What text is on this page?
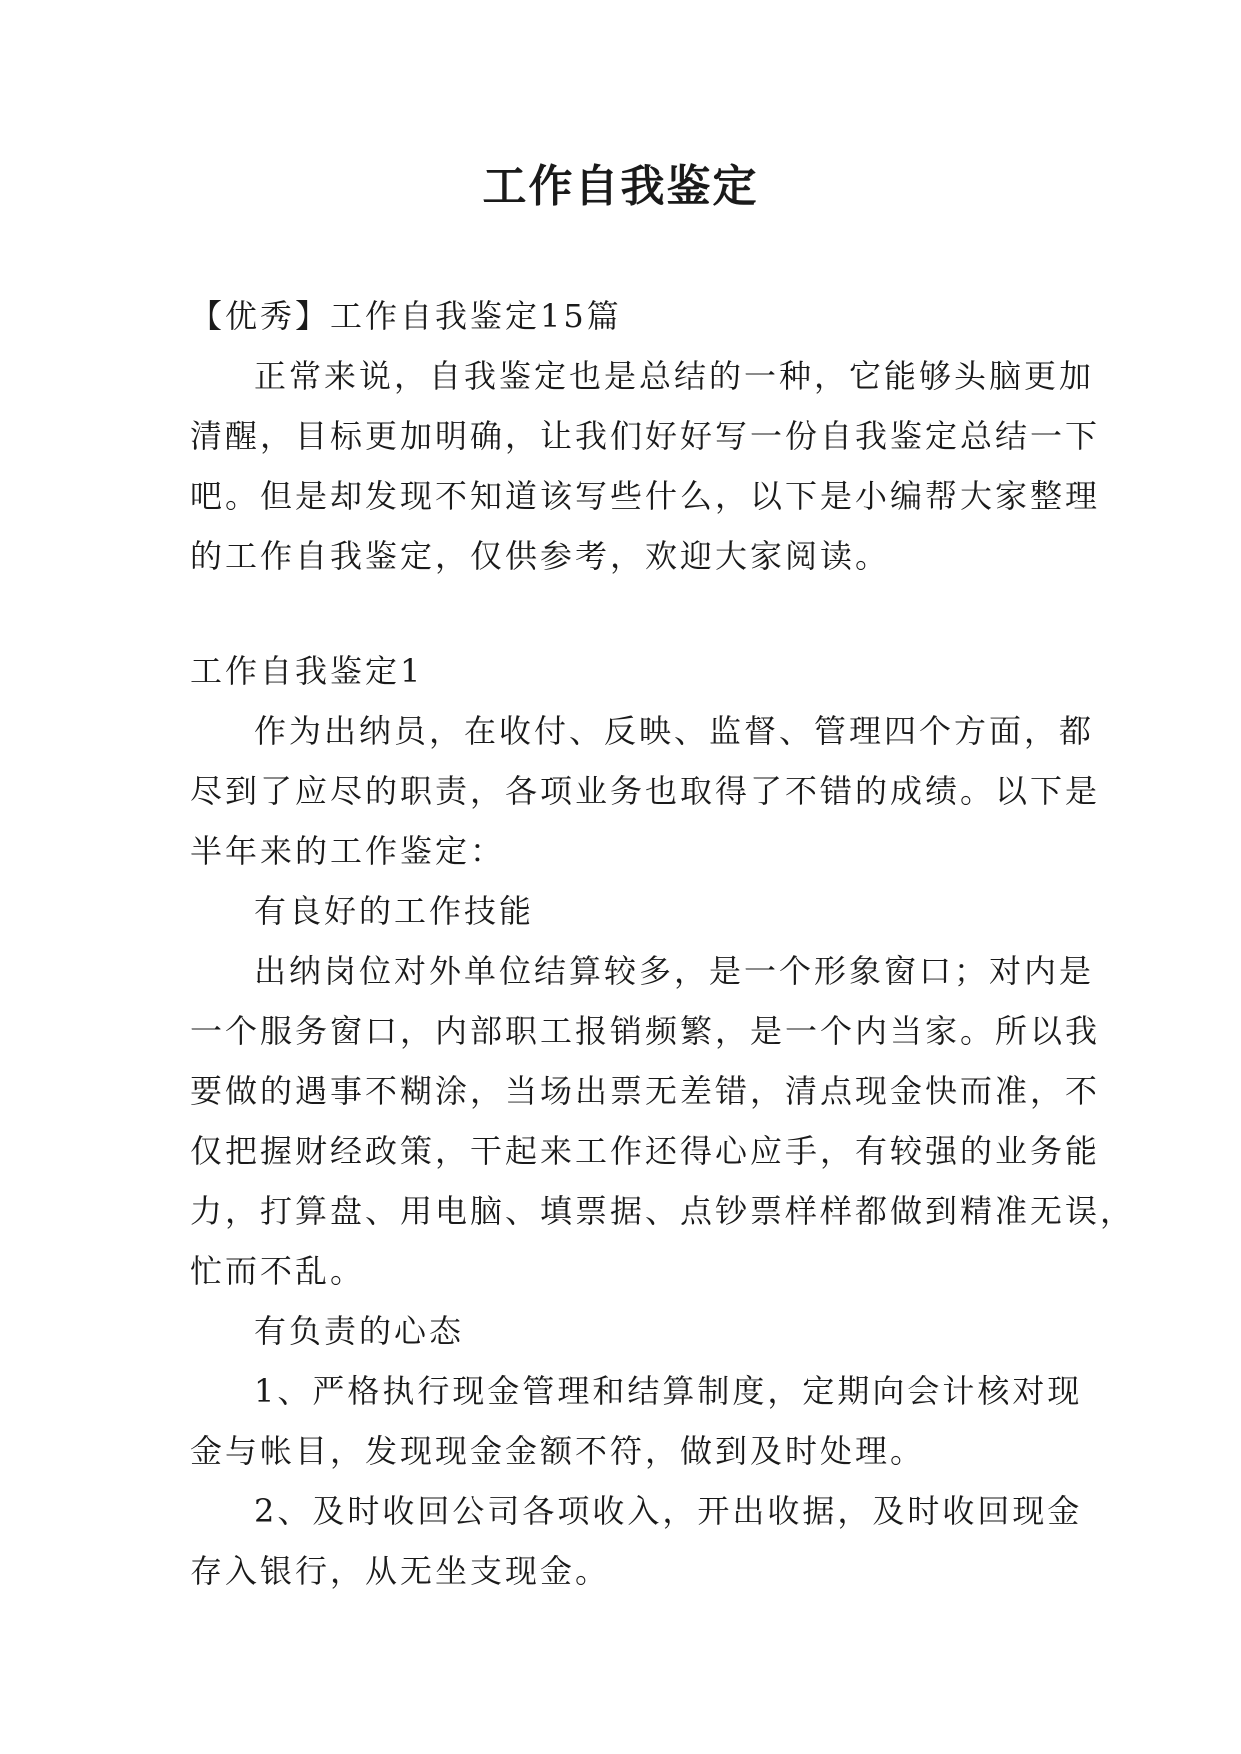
工作自我鉴定
【优秀】工作自我鉴定15篇
正常来说，自我鉴定也是总结的一种，它能够头脑更加
清醒，目标更加明确，让我们好好写一份自我鉴定总结一下
吧。但是却发现不知道该写些什么，以下是小编帮大家整理
的工作自我鉴定，仅供参考，欢迎大家阅读。
工作自我鉴定1
作为出纳员，在收付、反映、监督、管理四个方面，都
尽到了应尽的职责，各项业务也取得了不错的成绩。以下是
半年来的工作鉴定：
有良好的工作技能
出纳岗位对外单位结算较多，是一个形象窗口；对内是
一个服务窗口，内部职工报销频繁，是一个内当家。所以我
要做的遇事不糊涂，当场出票无差错，清点现金快而准，不
仅把握财经政策，干起来工作还得心应手，有较强的业务能
力，打算盘、用电脑、填票据、点钞票样样都做到精准无误，
忙而不乱。
有负责的心态
1、严格执行现金管理和结算制度，定期向会计核对现
金与帐目，发现现金金额不符，做到及时处理。
2、及时收回公司各项收入，开出收据，及时收回现金
存入银行，从无坐支现金。
